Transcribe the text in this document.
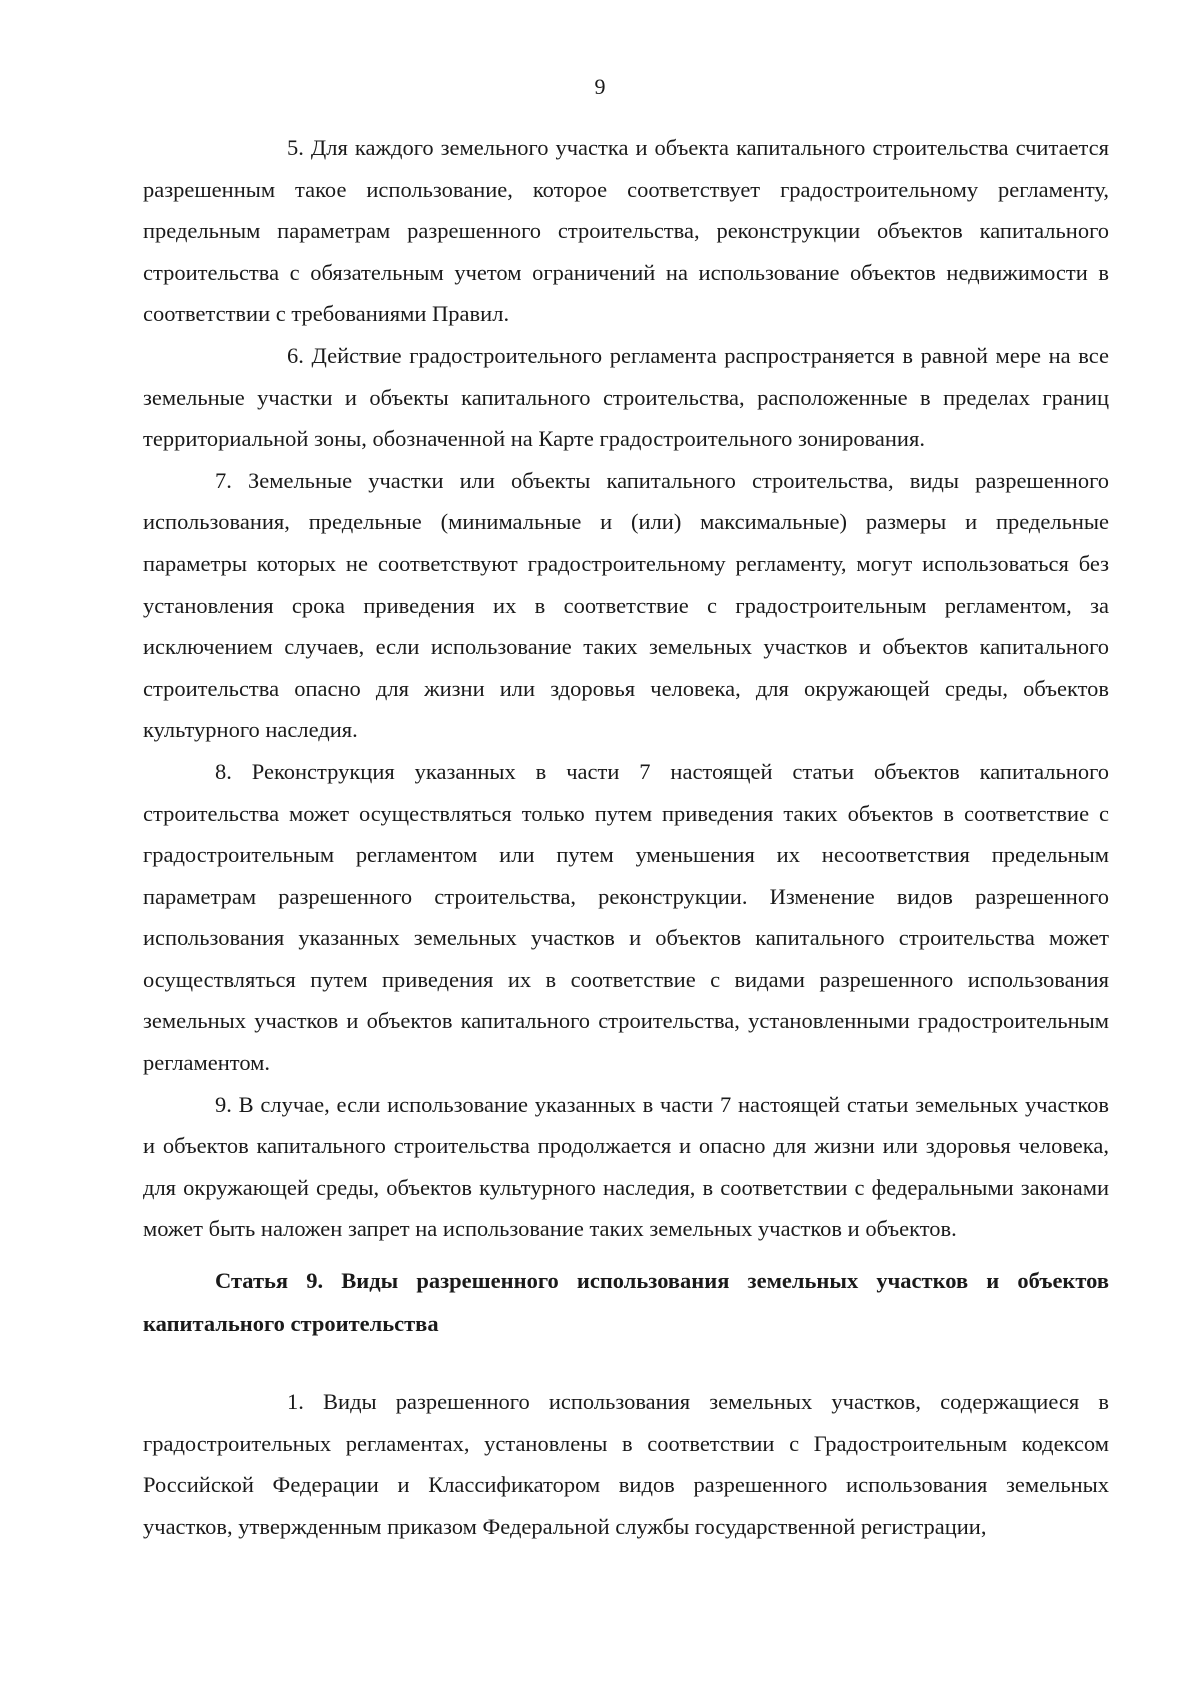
9

5. Для каждого земельного участка и объекта капитального строительства считается разрешенным такое использование, которое соответствует градостроительному регламенту, предельным параметрам разрешенного строительства, реконструкции объектов капитального строительства с обязательным учетом ограничений на использование объектов недвижимости в соответствии с требованиями Правил.

6. Действие градостроительного регламента распространяется в равной мере на все земельные участки и объекты капитального строительства, расположенные в пределах границ территориальной зоны, обозначенной на Карте градостроительного зонирования.

7. Земельные участки или объекты капитального строительства, виды разрешенного использования, предельные (минимальные и (или) максимальные) размеры и предельные параметры которых не соответствуют градостроительному регламенту, могут использоваться без установления срока приведения их в соответствие с градостроительным регламентом, за исключением случаев, если использование таких земельных участков и объектов капитального строительства опасно для жизни или здоровья человека, для окружающей среды, объектов культурного наследия.

8. Реконструкция указанных в части 7 настоящей статьи объектов капитального строительства может осуществляться только путем приведения таких объектов в соответствие с градостроительным регламентом или путем уменьшения их несоответствия предельным параметрам разрешенного строительства, реконструкции. Изменение видов разрешенного использования указанных земельных участков и объектов капитального строительства может осуществляться путем приведения их в соответствие с видами разрешенного использования земельных участков и объектов капитального строительства, установленными градостроительным регламентом.

9. В случае, если использование указанных в части 7 настоящей статьи земельных участков и объектов капитального строительства продолжается и опасно для жизни или здоровья человека, для окружающей среды, объектов культурного наследия, в соответствии с федеральными законами может быть наложен запрет на использование таких земельных участков и объектов.

Статья 9. Виды разрешенного использования земельных участков и объектов капитального строительства

1. Виды разрешенного использования земельных участков, содержащиеся в градостроительных регламентах, установлены в соответствии с Градостроительным кодексом Российской Федерации и Классификатором видов разрешенного использования земельных участков, утвержденным приказом Федеральной службы государственной регистрации,
